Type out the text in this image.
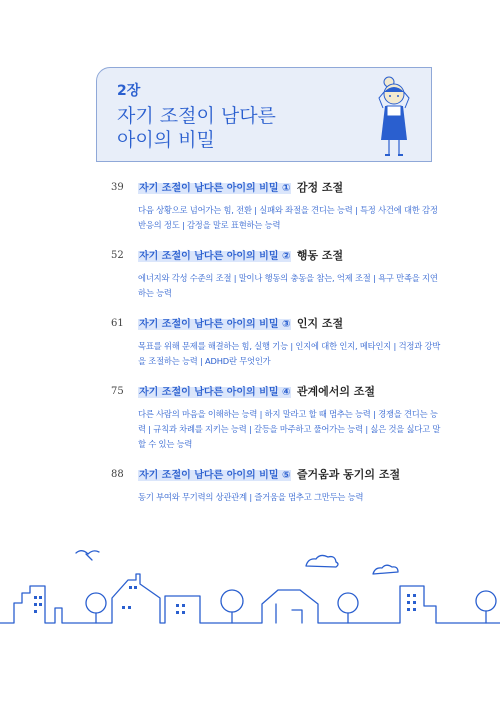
2장
자기 조절이 남다른
아이의 비밀
39	자기 조절이 남다른 아이의 비밀 ① 감정 조절
다음 상황으로 넘어가는 힘, 전환 | 실패와 좌절을 견디는 능력 | 특정 사건에 대한 감정 반응의 정도 | 감정을 말로 표현하는 능력
52	자기 조절이 남다른 아이의 비밀 ② 행동 조절
에너지와 각성 수준의 조절 | 말이나 행동의 충동을 참는, 억제 조절 | 욕구 만족을 지연하는 능력
61	자기 조절이 남다른 아이의 비밀 ③ 인지 조절
목표를 위해 문제를 해결하는 힘, 실행 기능 | 인지에 대한 인지, 메타인지 | 걱정과 강박을 조절하는 능력 | ADHD란 무엇인가
75	자기 조절이 남다른 아이의 비밀 ④ 관계에서의 조절
다른 사람의 마음을 이해하는 능력 | 하지 말라고 할 때 멈추는 능력 | 경쟁을 견디는 능력 | 규칙과 차례를 지키는 능력 | 갈등을 마주하고 풀어가는 능력 | 싫은 것을 싫다고 말할 수 있는 능력
88	자기 조절이 남다른 아이의 비밀 ⑤ 즐거움과 동기의 조절
동기 부여와 무기력의 상관관계 | 즐거움을 멈추고 그만두는 능력
